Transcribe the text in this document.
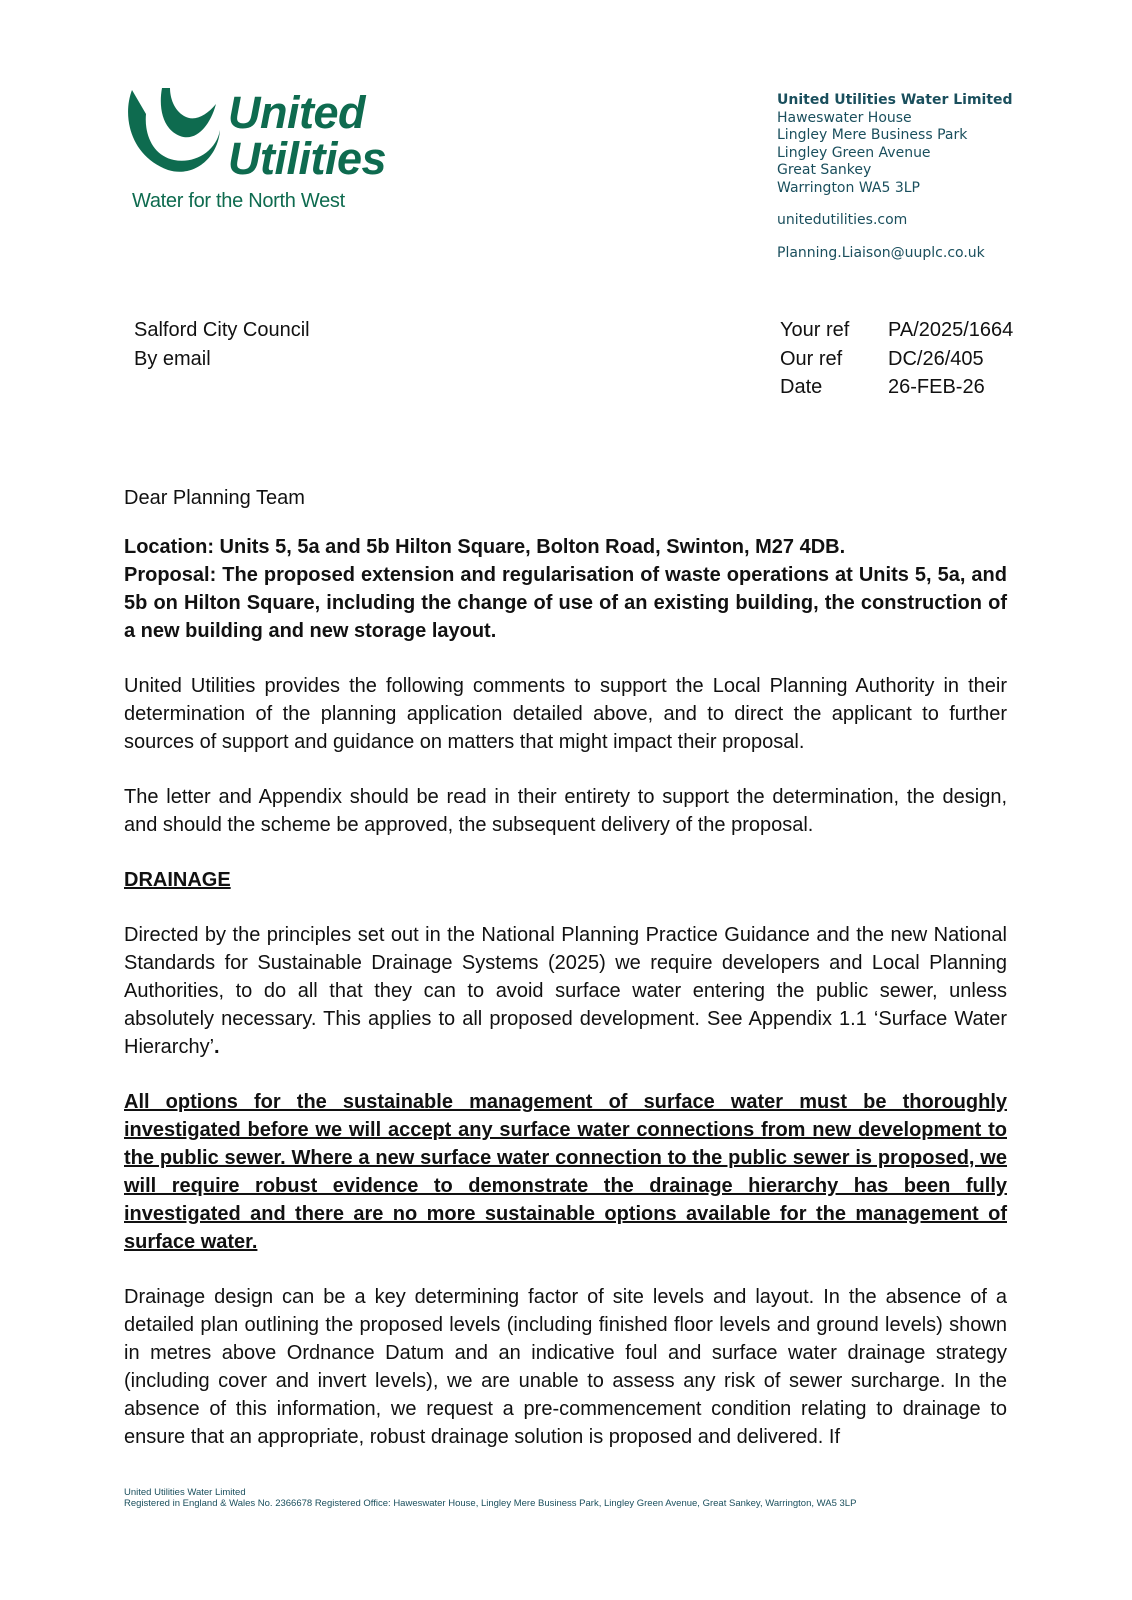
United
Utilities
Water for the North West
United Utilities Water Limited
Haweswater House
Lingley Mere Business Park
Lingley Green Avenue
Great Sankey
Warrington WA5 3LP
unitedutilities.com
Planning.Liaison@uuplc.co.uk
Salford City Council
By email
Your ref	PA/2025/1664
Our ref	DC/26/405
Date	26-FEB-26

Dear Planning Team

Location: Units 5, 5a and 5b Hilton Square, Bolton Road, Swinton, M27 4DB.
Proposal: The proposed extension and regularisation of waste operations at Units 5, 5a, and 5b on Hilton Square, including the change of use of an existing building, the construction of a new building and new storage layout.

United Utilities provides the following comments to support the Local Planning Authority in their determination of the planning application detailed above, and to direct the applicant to further sources of support and guidance on matters that might impact their proposal.

The letter and Appendix should be read in their entirety to support the determination, the design, and should the scheme be approved, the subsequent delivery of the proposal.

DRAINAGE

Directed by the principles set out in the National Planning Practice Guidance and the new National Standards for Sustainable Drainage Systems (2025) we require developers and Local Planning Authorities, to do all that they can to avoid surface water entering the public sewer, unless absolutely necessary. This applies to all proposed development. See Appendix 1.1 ‘Surface Water Hierarchy’.

All options for the sustainable management of surface water must be thoroughly investigated before we will accept any surface water connections from new development to the public sewer. Where a new surface water connection to the public sewer is proposed, we will require robust evidence to demonstrate the drainage hierarchy has been fully investigated and there are no more sustainable options available for the management of surface water.

Drainage design can be a key determining factor of site levels and layout. In the absence of a detailed plan outlining the proposed levels (including finished floor levels and ground levels) shown in metres above Ordnance Datum and an indicative foul and surface water drainage strategy (including cover and invert levels), we are unable to assess any risk of sewer surcharge. In the absence of this information, we request a pre-commencement condition relating to drainage to ensure that an appropriate, robust drainage solution is proposed and delivered. If

United Utilities Water Limited
Registered in England & Wales No. 2366678 Registered Office: Haweswater House, Lingley Mere Business Park, Lingley Green Avenue, Great Sankey, Warrington, WA5 3LP
